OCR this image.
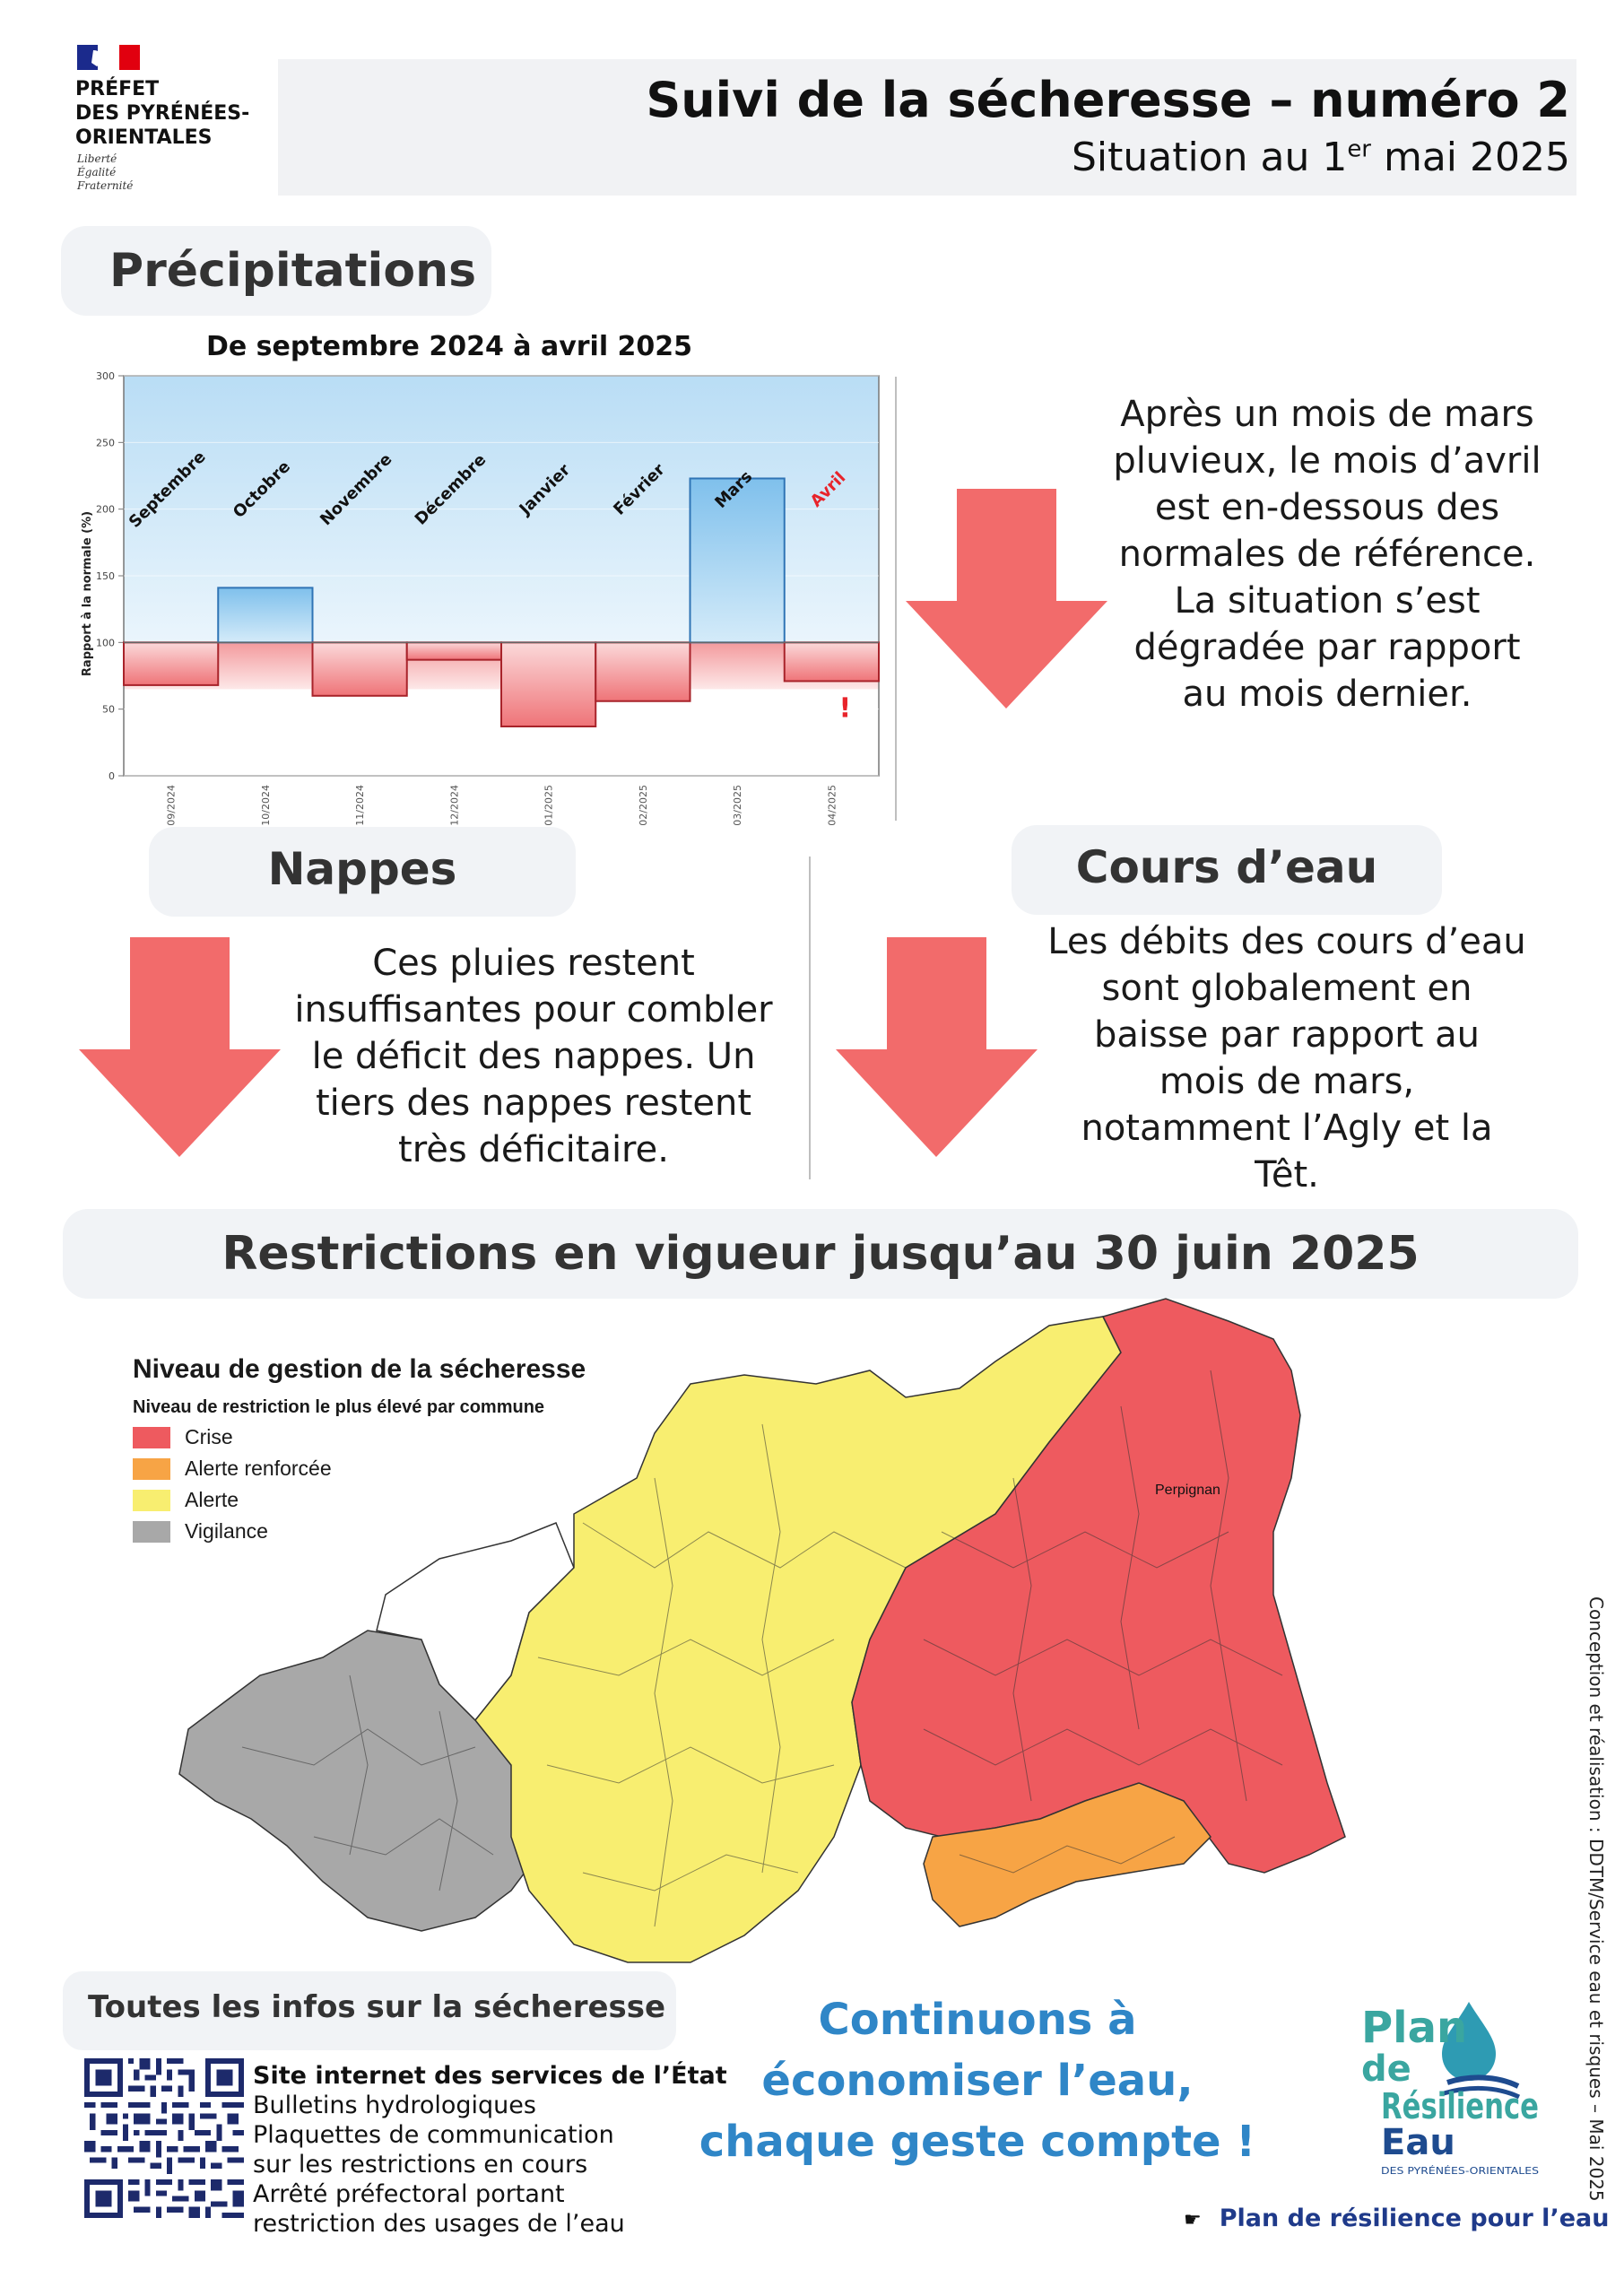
PRÉFET
DES PYRÉNÉES-
ORIENTALES
Liberté
Égalité
Fraternité
Suivi de la sécheresse – numéro 2
Situation au 1er mai 2025
Précipitations
De septembre 2024 à avril 2025
0
50
100
150
200
250
300
!
Septembre Octobre Novembre Décembre Janvier Février	Mars	Avril
09/2024	10/2024	11/2024	12/2024	01/2025	02/2025	03/2025	04/2025
Rapport à la normale (%)
Après un mois de mars
pluvieux, le mois d’avril
est en-dessous des
normales de référence.
La situation s’est
dégradée par rapport
au mois dernier.
Nappes
Ces pluies restent
insuffisantes pour combler
le déficit des nappes. Un
tiers des nappes restent
très déficitaire.
Cours d’eau
Les débits des cours d’eau
sont globalement en
baisse par rapport au
mois de mars,
notamment l’Agly et la
Têt.
Restrictions en vigueur jusqu’au 30 juin 2025
Perpignan
Niveau de gestion de la sécheresse
Niveau de restriction le plus élevé par commune
Crise
Alerte renforcée
Alerte
Vigilance
Toutes les infos sur la sécheresse
Site internet des services de l’État
Bulletins hydrologiques
Plaquettes de communication
sur les restrictions en cours
Arrêté préfectoral portant
restriction des usages de l’eau
Continuons à
économiser l’eau,
chaque geste compte !
Plan
de
Résilience
Eau
DES PYRÉNÉES-ORIENTALES
☛ Plan de résilience pour l’eau
Conception et réalisation : DDTM/Service eau et risques – Mai 2025
